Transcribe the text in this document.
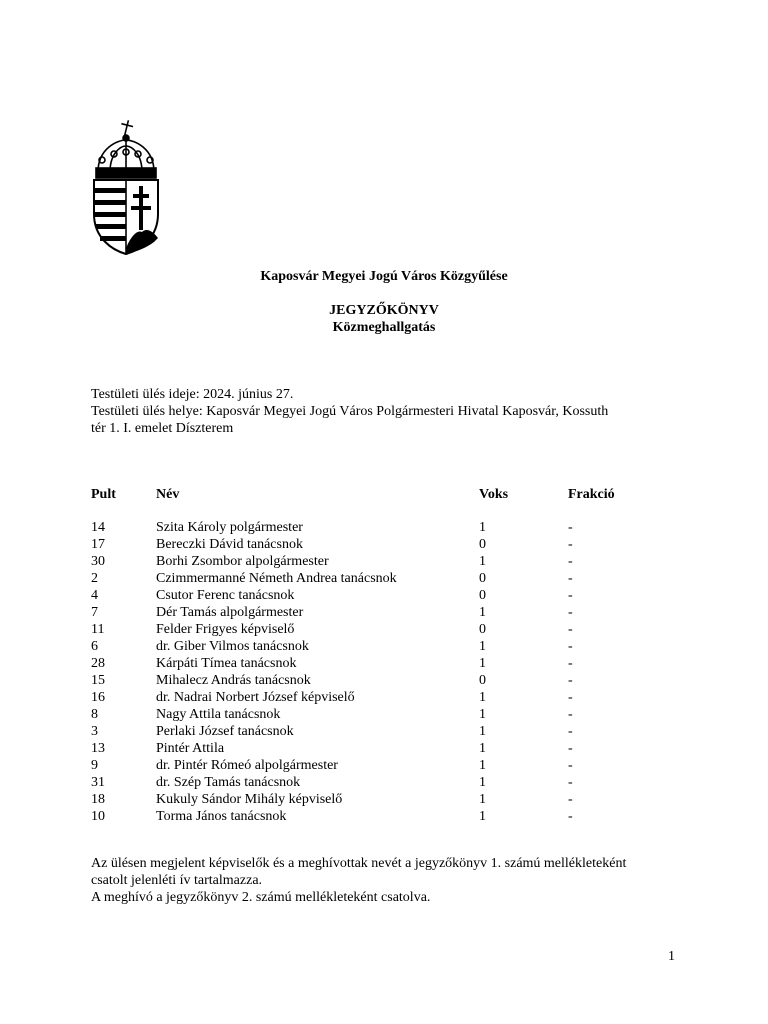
Kaposvár Megyei Jogú Város Közgyűlése
JEGYZŐKÖNYV
Közmeghallgatás
Testületi ülés ideje: 2024. június 27.
Testületi ülés helye: Kaposvár Megyei Jogú Város Polgármesteri Hivatal Kaposvár, Kossuth
tér 1. I. emelet Díszterem
Pult	Név	Voks	Frakció
14	Szita Károly polgármester	1	-
17	Bereczki Dávid tanácsnok	0	-
30	Borhi Zsombor alpolgármester	1	-
2	Czimmermanné Németh Andrea tanácsnok	0	-
4	Csutor Ferenc tanácsnok	0	-
7	Dér Tamás alpolgármester	1	-
11	Felder Frigyes képviselő	0	-
6	dr. Giber Vilmos tanácsnok	1	-
28	Kárpáti Tímea tanácsnok	1	-
15	Mihalecz András tanácsnok	0	-
16	dr. Nadrai Norbert József képviselő	1	-
8	Nagy Attila tanácsnok	1	-
3	Perlaki József tanácsnok	1	-
13	Pintér Attila	1	-
9	dr. Pintér Rómeó alpolgármester	1	-
31	dr. Szép Tamás tanácsnok	1	-
18	Kukuly Sándor Mihály képviselő	1	-
10	Torma János tanácsnok	1	-
Az ülésen megjelent képviselők és a meghívottak nevét a jegyzőkönyv 1. számú mellékleteként
csatolt jelenléti ív tartalmazza.
A meghívó a jegyzőkönyv 2. számú mellékleteként csatolva.
1
